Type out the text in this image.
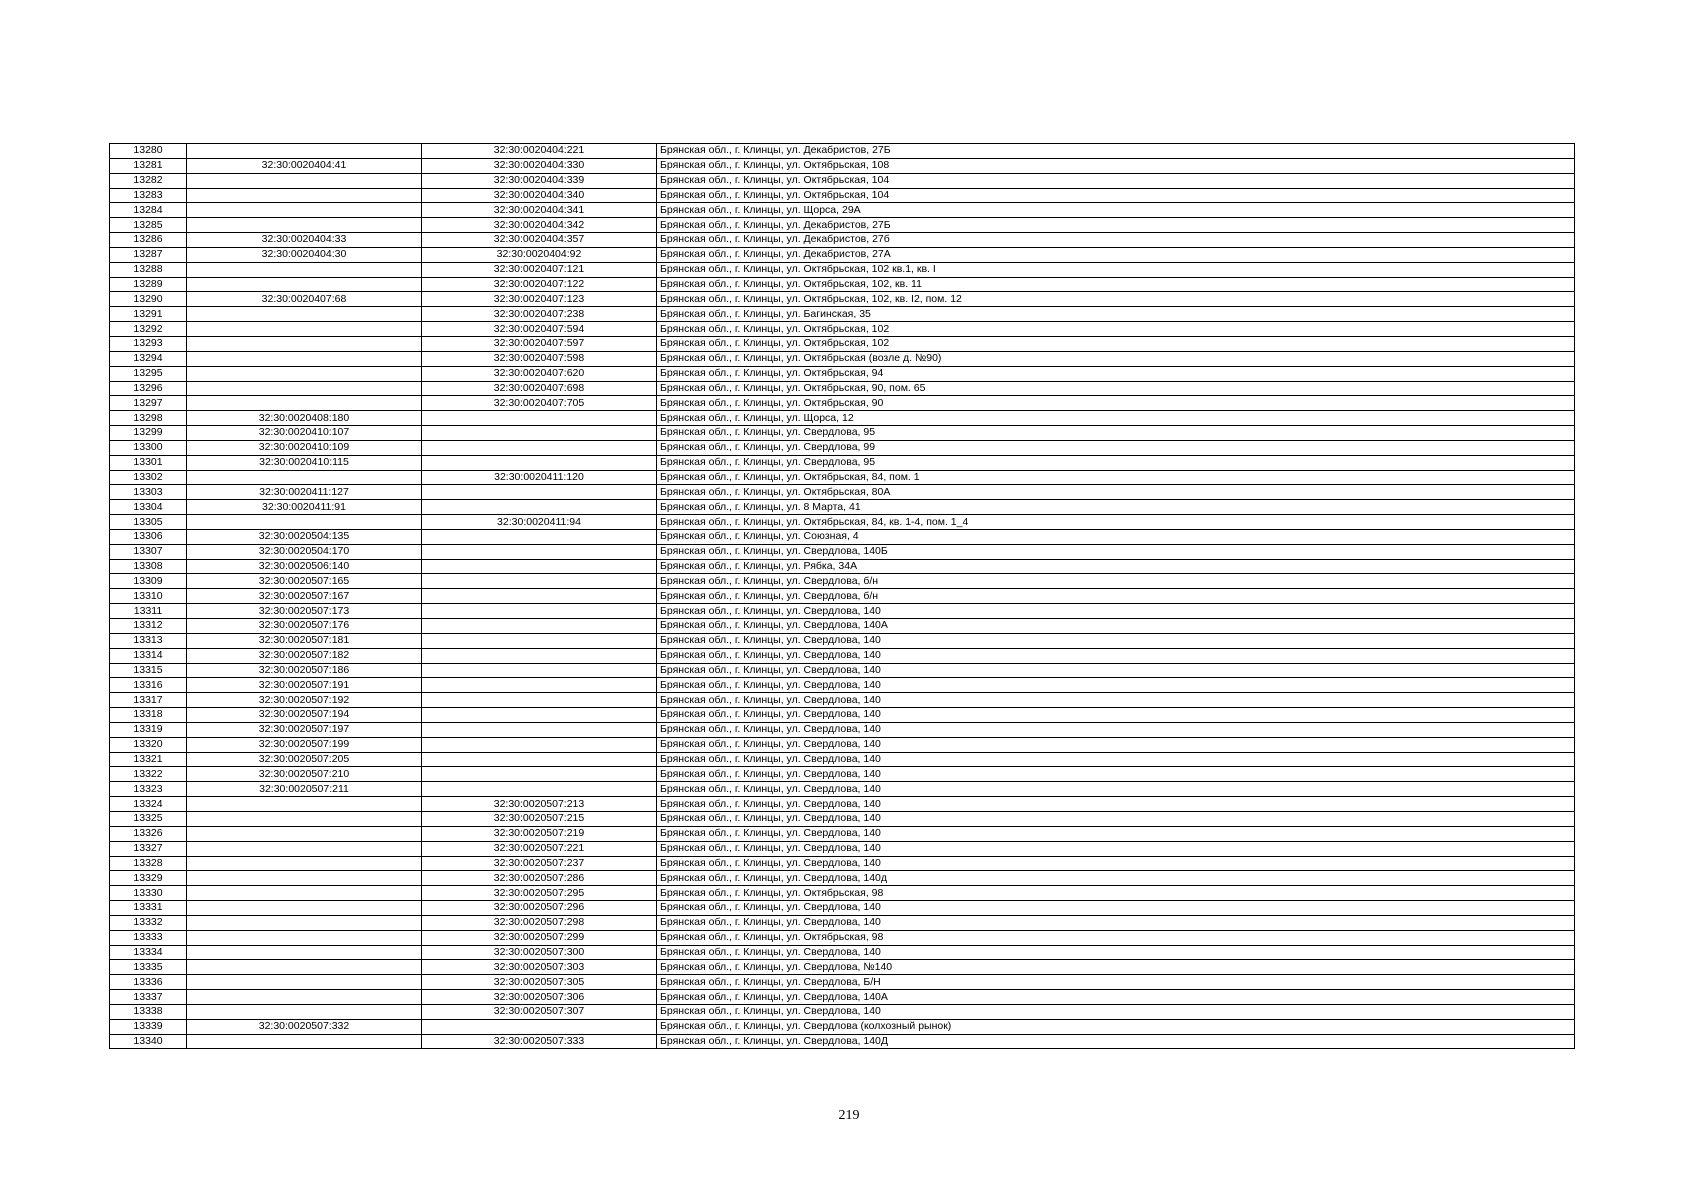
13280		32:30:0020404:221	Брянская обл., г. Клинцы, ул. Декабристов, 27Б
13281	32:30:0020404:41	32:30:0020404:330	Брянская обл., г. Клинцы, ул. Октябрьская, 108
13282		32:30:0020404:339	Брянская обл., г. Клинцы, ул. Октябрьская, 104
13283		32:30:0020404:340	Брянская обл., г. Клинцы, ул. Октябрьская, 104
13284		32:30:0020404:341	Брянская обл., г. Клинцы, ул. Щорса, 29А
13285		32:30:0020404:342	Брянская обл., г. Клинцы, ул. Декабристов, 27Б
13286	32:30:0020404:33	32:30:0020404:357	Брянская обл., г. Клинцы, ул. Декабристов, 27б
13287	32:30:0020404:30	32:30:0020404:92	Брянская обл., г. Клинцы, ул. Декабристов, 27А
13288		32:30:0020407:121	Брянская обл., г. Клинцы, ул. Октябрьская, 102 кв.1, кв. I
13289		32:30:0020407:122	Брянская обл., г. Клинцы, ул. Октябрьская, 102, кв. 11
13290	32:30:0020407:68	32:30:0020407:123	Брянская обл., г. Клинцы, ул. Октябрьская, 102, кв. I2, пом. 12
13291		32:30:0020407:238	Брянская обл., г. Клинцы, ул. Багинская, 35
13292		32:30:0020407:594	Брянская обл., г. Клинцы, ул. Октябрьская, 102
13293		32:30:0020407:597	Брянская обл., г. Клинцы, ул. Октябрьская, 102
13294		32:30:0020407:598	Брянская обл., г. Клинцы, ул. Октябрьская (возле д. №90)
13295		32:30:0020407:620	Брянская обл., г. Клинцы, ул. Октябрьская, 94
13296		32:30:0020407:698	Брянская обл., г. Клинцы, ул. Октябрьская, 90, пом. 65
13297		32:30:0020407:705	Брянская обл., г. Клинцы, ул. Октябрьская, 90
13298	32:30:0020408:180		Брянская обл., г. Клинцы, ул. Щорса, 12
13299	32:30:0020410:107		Брянская обл., г. Клинцы, ул. Свердлова, 95
13300	32:30:0020410:109		Брянская обл., г. Клинцы, ул. Свердлова, 99
13301	32:30:0020410:115		Брянская обл., г. Клинцы, ул. Свердлова, 95
13302		32:30:0020411:120	Брянская обл., г. Клинцы, ул. Октябрьская, 84, пом. 1
13303	32:30:0020411:127		Брянская обл., г. Клинцы, ул. Октябрьская, 80А
13304	32:30:0020411:91		Брянская обл., г. Клинцы, ул. 8 Марта, 41
13305		32:30:0020411:94	Брянская обл., г. Клинцы, ул. Октябрьская, 84, кв. 1-4, пом. 1_4
13306	32:30:0020504:135		Брянская обл., г. Клинцы, ул. Союзная, 4
13307	32:30:0020504:170		Брянская обл., г. Клинцы, ул. Свердлова, 140Б
13308	32:30:0020506:140		Брянская обл., г. Клинцы, ул. Рябка, 34А
13309	32:30:0020507:165		Брянская обл., г. Клинцы, ул. Свердлова, б/н
13310	32:30:0020507:167		Брянская обл., г. Клинцы, ул. Свердлова, б/н
13311	32:30:0020507:173		Брянская обл., г. Клинцы, ул. Свердлова, 140
13312	32:30:0020507:176		Брянская обл., г. Клинцы, ул. Свердлова, 140А
13313	32:30:0020507:181		Брянская обл., г. Клинцы, ул. Свердлова, 140
13314	32:30:0020507:182		Брянская обл., г. Клинцы, ул. Свердлова, 140
13315	32:30:0020507:186		Брянская обл., г. Клинцы, ул. Свердлова, 140
13316	32:30:0020507:191		Брянская обл., г. Клинцы, ул. Свердлова, 140
13317	32:30:0020507:192		Брянская обл., г. Клинцы, ул. Свердлова, 140
13318	32:30:0020507:194		Брянская обл., г. Клинцы, ул. Свердлова, 140
13319	32:30:0020507:197		Брянская обл., г. Клинцы, ул. Свердлова, 140
13320	32:30:0020507:199		Брянская обл., г. Клинцы, ул. Свердлова, 140
13321	32:30:0020507:205		Брянская обл., г. Клинцы, ул. Свердлова, 140
13322	32:30:0020507:210		Брянская обл., г. Клинцы, ул. Свердлова, 140
13323	32:30:0020507:211		Брянская обл., г. Клинцы, ул. Свердлова, 140
13324		32:30:0020507:213	Брянская обл., г. Клинцы, ул. Свердлова, 140
13325		32:30:0020507:215	Брянская обл., г. Клинцы, ул. Свердлова, 140
13326		32:30:0020507:219	Брянская обл., г. Клинцы, ул. Свердлова, 140
13327		32:30:0020507:221	Брянская обл., г. Клинцы, ул. Свердлова, 140
13328		32:30:0020507:237	Брянская обл., г. Клинцы, ул. Свердлова, 140
13329		32:30:0020507:286	Брянская обл., г. Клинцы, ул. Свердлова, 140д
13330		32:30:0020507:295	Брянская обл., г. Клинцы, ул. Октябрьская, 98
13331		32:30:0020507:296	Брянская обл., г. Клинцы, ул. Свердлова, 140
13332		32:30:0020507:298	Брянская обл., г. Клинцы, ул. Свердлова, 140
13333		32:30:0020507:299	Брянская обл., г. Клинцы, ул. Октябрьская, 98
13334		32:30:0020507:300	Брянская обл., г. Клинцы, ул. Свердлова, 140
13335		32:30:0020507:303	Брянская обл., г. Клинцы, ул. Свердлова, №140
13336		32:30:0020507:305	Брянская обл., г. Клинцы, ул. Свердлова, Б/Н
13337		32:30:0020507:306	Брянская обл., г. Клинцы, ул. Свердлова, 140А
13338		32:30:0020507:307	Брянская обл., г. Клинцы, ул. Свердлова, 140
13339	32:30:0020507:332		Брянская обл., г. Клинцы, ул. Свердлова (колхозный рынок)
13340		32:30:0020507:333	Брянская обл., г. Клинцы, ул. Свердлова, 140Д
219
